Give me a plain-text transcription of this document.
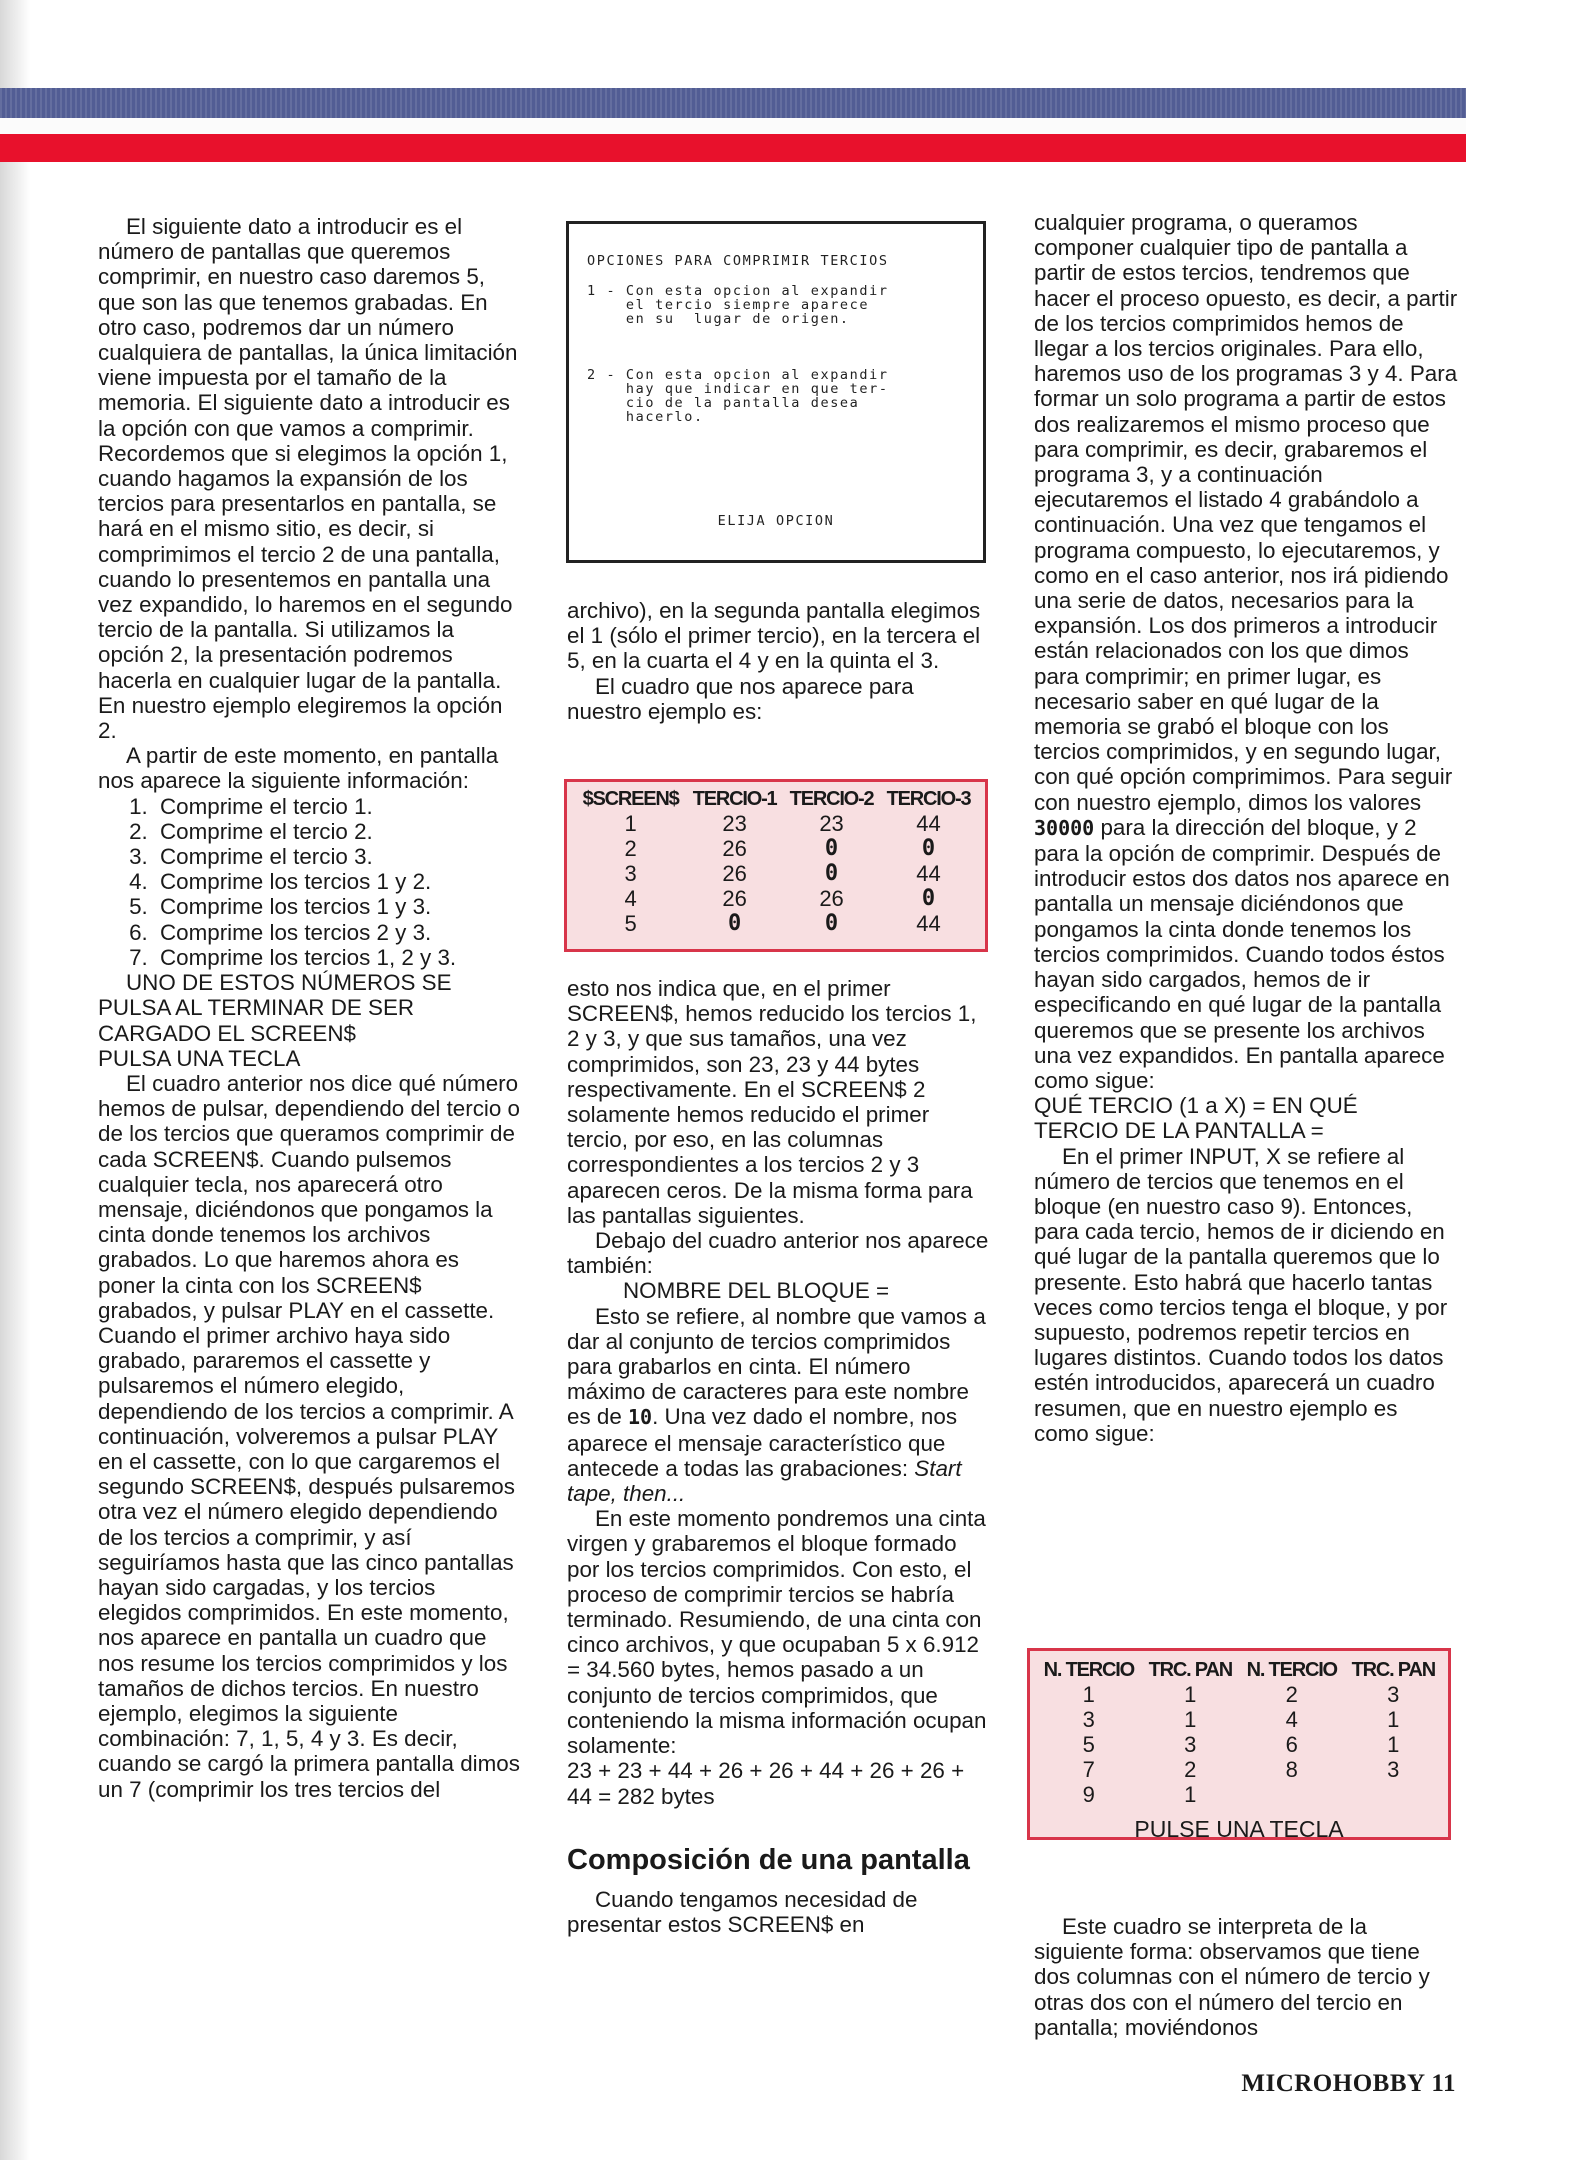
El siguiente dato a introducir es el número de pantallas que queremos comprimir, en nuestro caso daremos 5, que son las que tenemos grabadas. En otro caso, podremos dar un número cualquiera de pantallas, la única limitación viene impuesta por el tamaño de la memoria. El siguiente dato a introducir es la opción con que vamos a comprimir. Recordemos que si elegimos la opción 1, cuando hagamos la expansión de los tercios para presentarlos en pantalla, se hará en el mismo sitio, es decir, si comprimimos el tercio 2 de una pantalla, cuando lo presentemos en pantalla una vez expandido, lo haremos en el segundo tercio de la pantalla. Si utilizamos la opción 2, la presentación podremos hacerla en cualquier lugar de la pantalla. En nuestro ejemplo elegiremos la opción 2.

A partir de este momento, en pantalla nos aparece la siguiente información:

1. Comprime el tercio 1.
2. Comprime el tercio 2.
3. Comprime el tercio 3.
4. Comprime los tercios 1 y 2.
5. Comprime los tercios 1 y 3.
6. Comprime los tercios 2 y 3.
7. Comprime los tercios 1, 2 y 3.

UNO DE ESTOS NÚMEROS SE

PULSA AL TERMINAR DE SER

CARGADO EL SCREEN$

PULSA UNA TECLA

El cuadro anterior nos dice qué número hemos de pulsar, dependiendo del tercio o de los tercios que queramos comprimir de cada SCREEN$. Cuando pulsemos cualquier tecla, nos aparecerá otro mensaje, diciéndonos que pongamos la cinta donde tenemos los archivos grabados. Lo que haremos ahora es poner la cinta con los SCREEN$ grabados, y pulsar PLAY en el cassette. Cuando el primer archivo haya sido grabado, pararemos el cassette y pulsaremos el número elegido, dependiendo de los tercios a comprimir. A continuación, volveremos a pulsar PLAY en el cassette, con lo que cargaremos el segundo SCREEN$, después pulsaremos otra vez el número elegido dependiendo de los tercios a comprimir, y así seguiríamos hasta que las cinco pantallas hayan sido cargadas, y los tercios elegidos comprimidos. En este momento, nos aparece en pantalla un cuadro que nos resume los tercios comprimidos y los tamaños de dichos tercios. En nuestro ejemplo, elegimos la siguiente combinación: 7, 1, 5, 4 y 3. Es decir, cuando se cargó la primera pantalla dimos un 7 (comprimir los tres tercios del

OPCIONES PARA COMPRIMIR TERCIOS
1 - Con esta opcion al expandir
el tercio siempre aparece
en su  lugar de origen.
2 - Con esta opcion al expandir
hay que indicar en que ter-
cio de la pantalla desea
hacerlo.
ELIJA OPCION

archivo), en la segunda pantalla elegimos el 1 (sólo el primer tercio), en la tercera el 5, en la cuarta el 4 y en la quinta el 3.

El cuadro que nos aparece para nuestro ejemplo es:

$SCREEN$	TERCIO-1	TERCIO-2	TERCIO-3
1	23	23	44
2	26	0	0
3	26	0	44
4	26	26	0
5	0	0	44

esto nos indica que, en el primer SCREEN$, hemos reducido los tercios 1, 2 y 3, y que sus tamaños, una vez comprimidos, son 23, 23 y 44 bytes respectivamente. En el SCREEN$ 2 solamente hemos reducido el primer tercio, por eso, en las columnas correspondientes a los tercios 2 y 3 aparecen ceros. De la misma forma para las pantallas siguientes.

Debajo del cuadro anterior nos aparece también:

NOMBRE DEL BLOQUE =

Esto se refiere, al nombre que vamos a dar al conjunto de tercios comprimidos para grabarlos en cinta. El número máximo de caracteres para este nombre es de 10. Una vez dado el nombre, nos aparece el mensaje característico que antecede a todas las grabaciones: Start tape, then...

En este momento pondremos una cinta virgen y grabaremos el bloque formado por los tercios comprimidos. Con esto, el proceso de comprimir tercios se habría terminado. Resumiendo, de una cinta con cinco archivos, y que ocupaban 5 x 6.912 = 34.560 bytes, hemos pasado a un conjunto de tercios comprimidos, que conteniendo la misma información ocupan solamente:

23 + 23 + 44 + 26 + 26 + 44 + 26 + 26 + 44 = 282 bytes

Composición de una pantalla

Cuando tengamos necesidad de presentar estos SCREEN$ en

cualquier programa, o queramos componer cualquier tipo de pantalla a partir de estos tercios, tendremos que hacer el proceso opuesto, es decir, a partir de los tercios comprimidos hemos de llegar a los tercios originales. Para ello, haremos uso de los programas 3 y 4. Para formar un solo programa a partir de estos dos realizaremos el mismo proceso que para comprimir, es decir, grabaremos el programa 3, y a continuación ejecutaremos el listado 4 grabándolo a continuación. Una vez que tengamos el programa compuesto, lo ejecutaremos, y como en el caso anterior, nos irá pidiendo una serie de datos, necesarios para la expansión. Los dos primeros a introducir están relacionados con los que dimos para comprimir; en primer lugar, es necesario saber en qué lugar de la memoria se grabó el bloque con los tercios comprimidos, y en segundo lugar, con qué opción comprimimos. Para seguir con nuestro ejemplo, dimos los valores 30000 para la dirección del bloque, y 2 para la opción de comprimir. Después de introducir estos dos datos nos aparece en pantalla un mensaje diciéndonos que pongamos la cinta donde tenemos los tercios comprimidos. Cuando todos éstos hayan sido cargados, hemos de ir especificando en qué lugar de la pantalla queremos que se presente los archivos una vez expandidos. En pantalla aparece como sigue:

QUÉ TERCIO (1 a X) = EN QUÉ

TERCIO DE LA PANTALLA =

En el primer INPUT, X se refiere al número de tercios que tenemos en el bloque (en nuestro caso 9). Entonces, para cada tercio, hemos de ir diciendo en qué lugar de la pantalla queremos que lo presente. Esto habrá que hacerlo tantas veces como tercios tenga el bloque, y por supuesto, podremos repetir tercios en lugares distintos. Cuando todos los datos estén introducidos, aparecerá un cuadro resumen, que en nuestro ejemplo es como sigue:

N. TERCIO	TRC. PAN	N. TERCIO	TRC. PAN
1	1	2	3
3	1	4	1
5	3	6	1
7	2	8	3
9	1		
PULSE UNA TECLA			

Este cuadro se interpreta de la siguiente forma: observamos que tiene dos columnas con el número de tercio y otras dos con el número del tercio en pantalla; moviéndonos

MICROHOBBY 11
